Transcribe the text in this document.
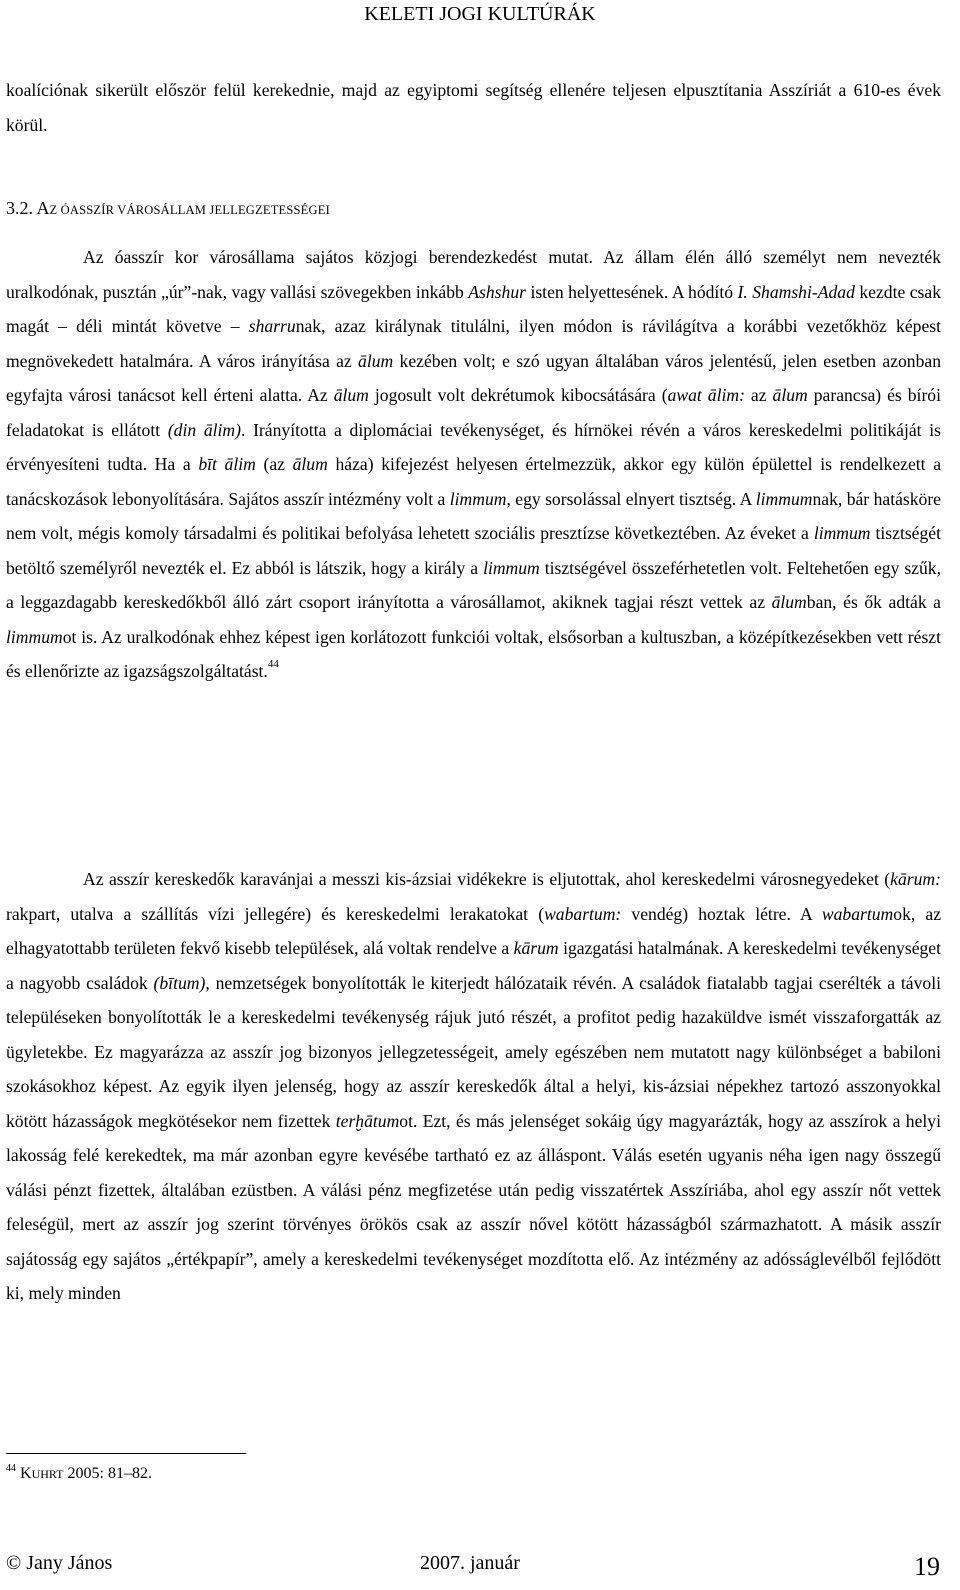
KELETI JOGI KULTÚRÁK

koalíciónak sikerült először felül kerekednie, majd az egyiptomi segítség ellenére teljesen elpusztítania Asszíriát a 610-es évek körül.

3.2. AZ ÓASSZÍR VÁROSÁLLAM JELLEGZETESSÉGEI

Az óasszír kor városállama sajátos közjogi berendezkedést mutat. Az állam élén álló személyt nem nevezték uralkodónak, pusztán „úr”-nak, vagy vallási szövegekben inkább Ashshur isten helyettesének. A hódító I. Shamshi-Adad kezdte csak magát – déli mintát követve – sharrunak, azaz királynak titulálni, ilyen módon is rávilágítva a korábbi vezetőkhöz képest megnövekedett hatalmára. A város irányítása az ālum kezében volt; e szó ugyan általában város jelentésű, jelen esetben azonban egyfajta városi tanácsot kell érteni alatta. Az ālum jogosult volt dekrétumok kibocsátására (awat ālim: az ālum parancsa) és bírói feladatokat is ellátott (din ālim). Irányította a diplomáciai tevékenységet, és hírnökei révén a város kereskedelmi politikáját is érvényesíteni tudta. Ha a bīt ālim (az ālum háza) kifejezést helyesen értelmezzük, akkor egy külön épülettel is rendelkezett a tanácskozások lebonyolítására. Sajátos asszír intézmény volt a limmum, egy sorsolással elnyert tisztség. A limmumnak, bár hatásköre nem volt, mégis komoly társadalmi és politikai befolyása lehetett szociális presztízse következtében. Az éveket a limmum tisztségét betöltő személyről nevezték el. Ez abból is látszik, hogy a király a limmum tisztségével összeférhetetlen volt. Feltehetően egy szűk, a leggazdagabb kereskedőkből álló zárt csoport irányította a városállamot, akiknek tagjai részt vettek az ālumban, és ők adták a limmumot is. Az uralkodónak ehhez képest igen korlátozott funkciói voltak, elsősorban a kultuszban, a középítkezésekben vett részt és ellenőrizte az igazságszolgáltatást.$^{44}$

Az asszír kereskedők karavánjai a messzi kis-ázsiai vidékekre is eljutottak, ahol kereskedelmi városnegyedeket (kārum: rakpart, utalva a szállítás vízi jellegére) és kereskedelmi lerakatokat (wabartum: vendég) hoztak létre. A wabartumok, az elhagyatottabb területen fekvő kisebb települések, alá voltak rendelve a kārum igazgatási hatalmának. A kereskedelmi tevékenységet a nagyobb családok (bītum), nemzetségek bonyolították le kiterjedt hálózataik révén. A családok fiatalabb tagjai cserélték a távoli településeken bonyolították le a kereskedelmi tevékenység rájuk jutó részét, a profitot pedig hazaküldve ismét visszaforgatták az ügyletekbe. Ez magyarázza az asszír jog bizonyos jellegzetességeit, amely egészében nem mutatott nagy különbséget a babiloni szokásokhoz képest. Az egyik ilyen jelenség, hogy az asszír kereskedők által a helyi, kis-ázsiai népekhez tartozó asszonyokkal kötött házasságok megkötésekor nem fizettek terḫātumot. Ezt, és más jelenséget sokáig úgy magyarázták, hogy az asszírok a helyi lakosság felé kerekedtek, ma már azonban egyre kevésébe tartható ez az álláspont. Válás esetén ugyanis néha igen nagy összegű válási pénzt fizettek, általában ezüstben. A válási pénz megfizetése után pedig visszatértek Asszíriába, ahol egy asszír nőt vettek feleségül, mert az asszír jog szerint törvényes örökös csak az asszír nővel kötött házasságból származhatott. A másik asszír sajátosság egy sajátos „értékpapír”, amely a kereskedelmi tevékenységet mozdította elő. Az intézmény az adósságlevélből fejlődött ki, mely minden

$^{44}$ KUHRT 2005: 81–82.
© Jany János	2007. január	19
